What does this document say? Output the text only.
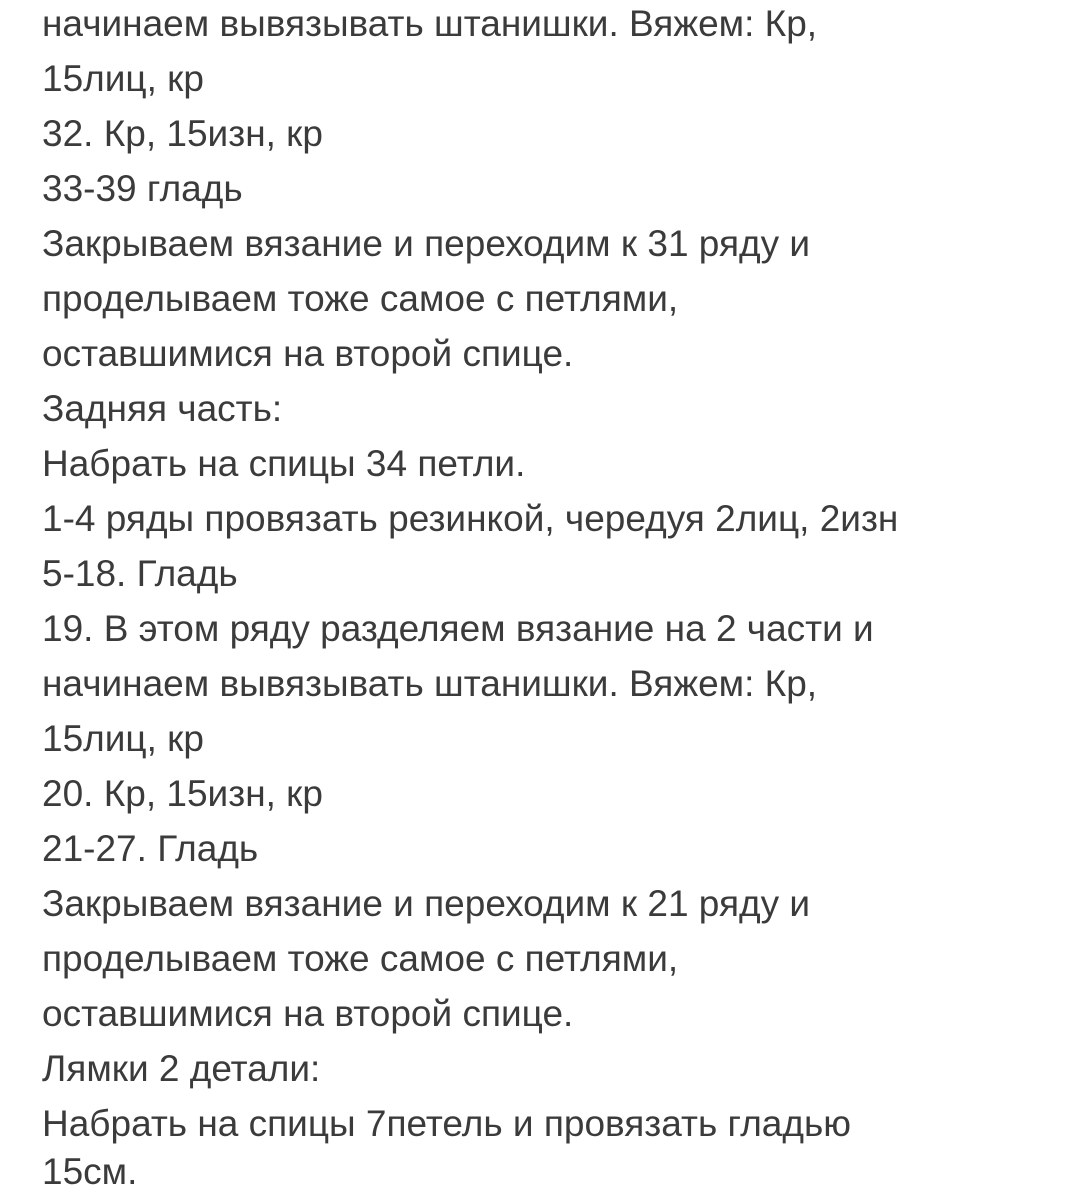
начинаем вывязывать штанишки. Вяжем: Кр,

15лиц, кр

32. Кр, 15изн, кр

33-39 гладь

Закрываем вязание и переходим к 31 ряду и

проделываем тоже самое с петлями,

оставшимися на второй спице.

Задняя часть:

Набрать на спицы 34 петли.

1-4 ряды провязать резинкой, чередуя 2лиц, 2изн

5-18. Гладь

19. В этом ряду разделяем вязание на 2 части и

начинаем вывязывать штанишки. Вяжем: Кр,

15лиц, кр

20. Кр, 15изн, кр

21-27. Гладь

Закрываем вязание и переходим к 21 ряду и

проделываем тоже самое с петлями,

оставшимися на второй спице.

Лямки 2 детали:

Набрать на спицы 7петель и провязать гладью

15см.
